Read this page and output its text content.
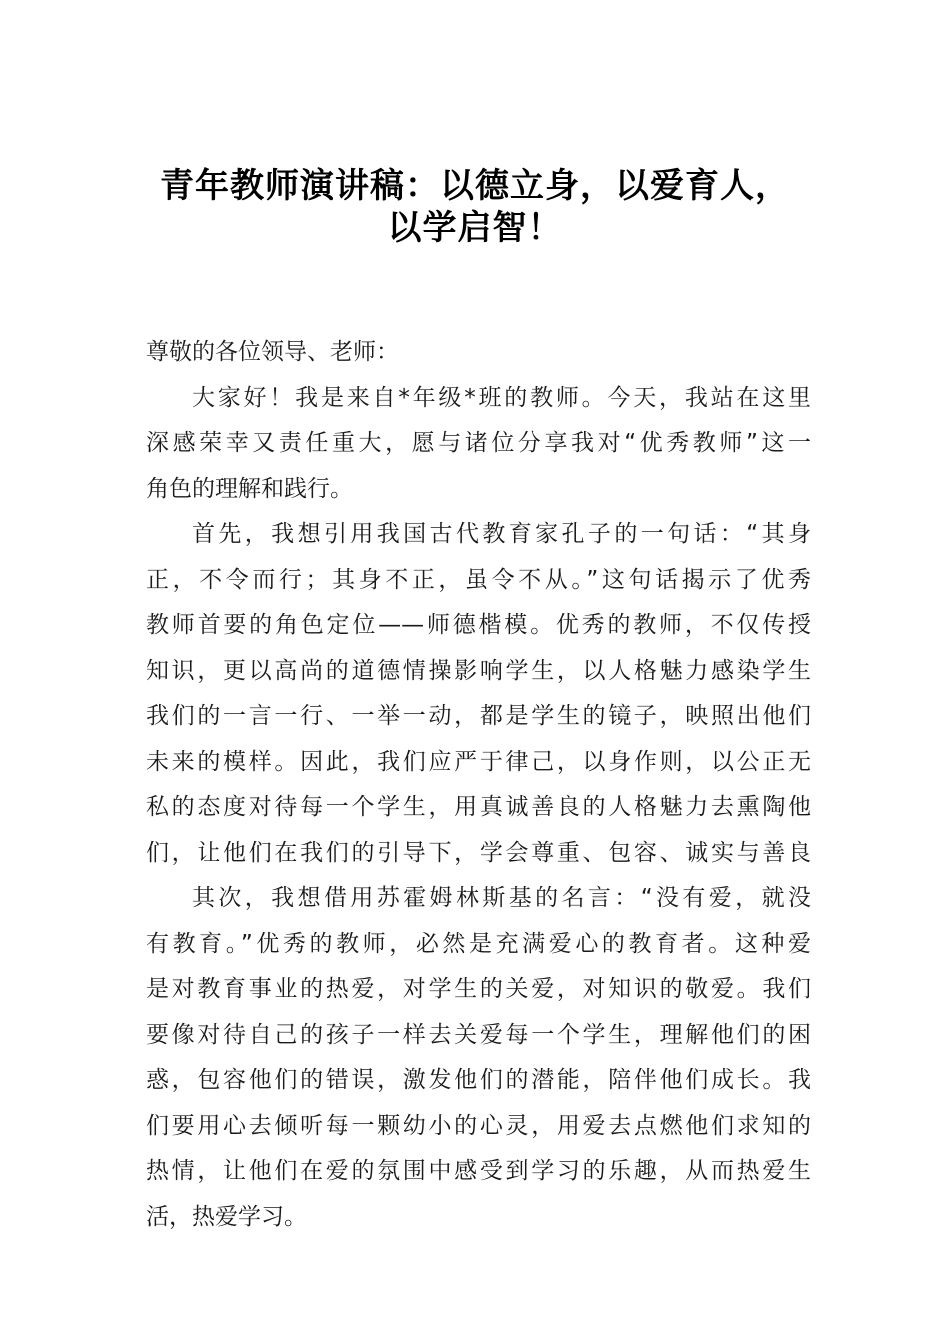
青年教师演讲稿：以德立身，以爱育人，
以学启智！
尊敬的各位领导、老师：
大家好！我是来自*年级*班的教师。今天，我站在这里
深感荣幸又责任重大，愿与诸位分享我对“优秀教师”这一
角色的理解和践行。
首先，我想引用我国古代教育家孔子的一句话：“其身
正，不令而行；其身不正，虽令不从。”这句话揭示了优秀
教师首要的角色定位——师德楷模。优秀的教师，不仅传授
知识，更以高尚的道德情操影响学生，以人格魅力感染学生
我们的一言一行、一举一动，都是学生的镜子，映照出他们
未来的模样。因此，我们应严于律己，以身作则，以公正无
私的态度对待每一个学生，用真诚善良的人格魅力去熏陶他
们，让他们在我们的引导下，学会尊重、包容、诚实与善良
其次，我想借用苏霍姆林斯基的名言：“没有爱，就没
有教育。”优秀的教师，必然是充满爱心的教育者。这种爱
是对教育事业的热爱，对学生的关爱，对知识的敬爱。我们
要像对待自己的孩子一样去关爱每一个学生，理解他们的困
惑，包容他们的错误，激发他们的潜能，陪伴他们成长。我
们要用心去倾听每一颗幼小的心灵，用爱去点燃他们求知的
热情，让他们在爱的氛围中感受到学习的乐趣，从而热爱生
活，热爱学习。
